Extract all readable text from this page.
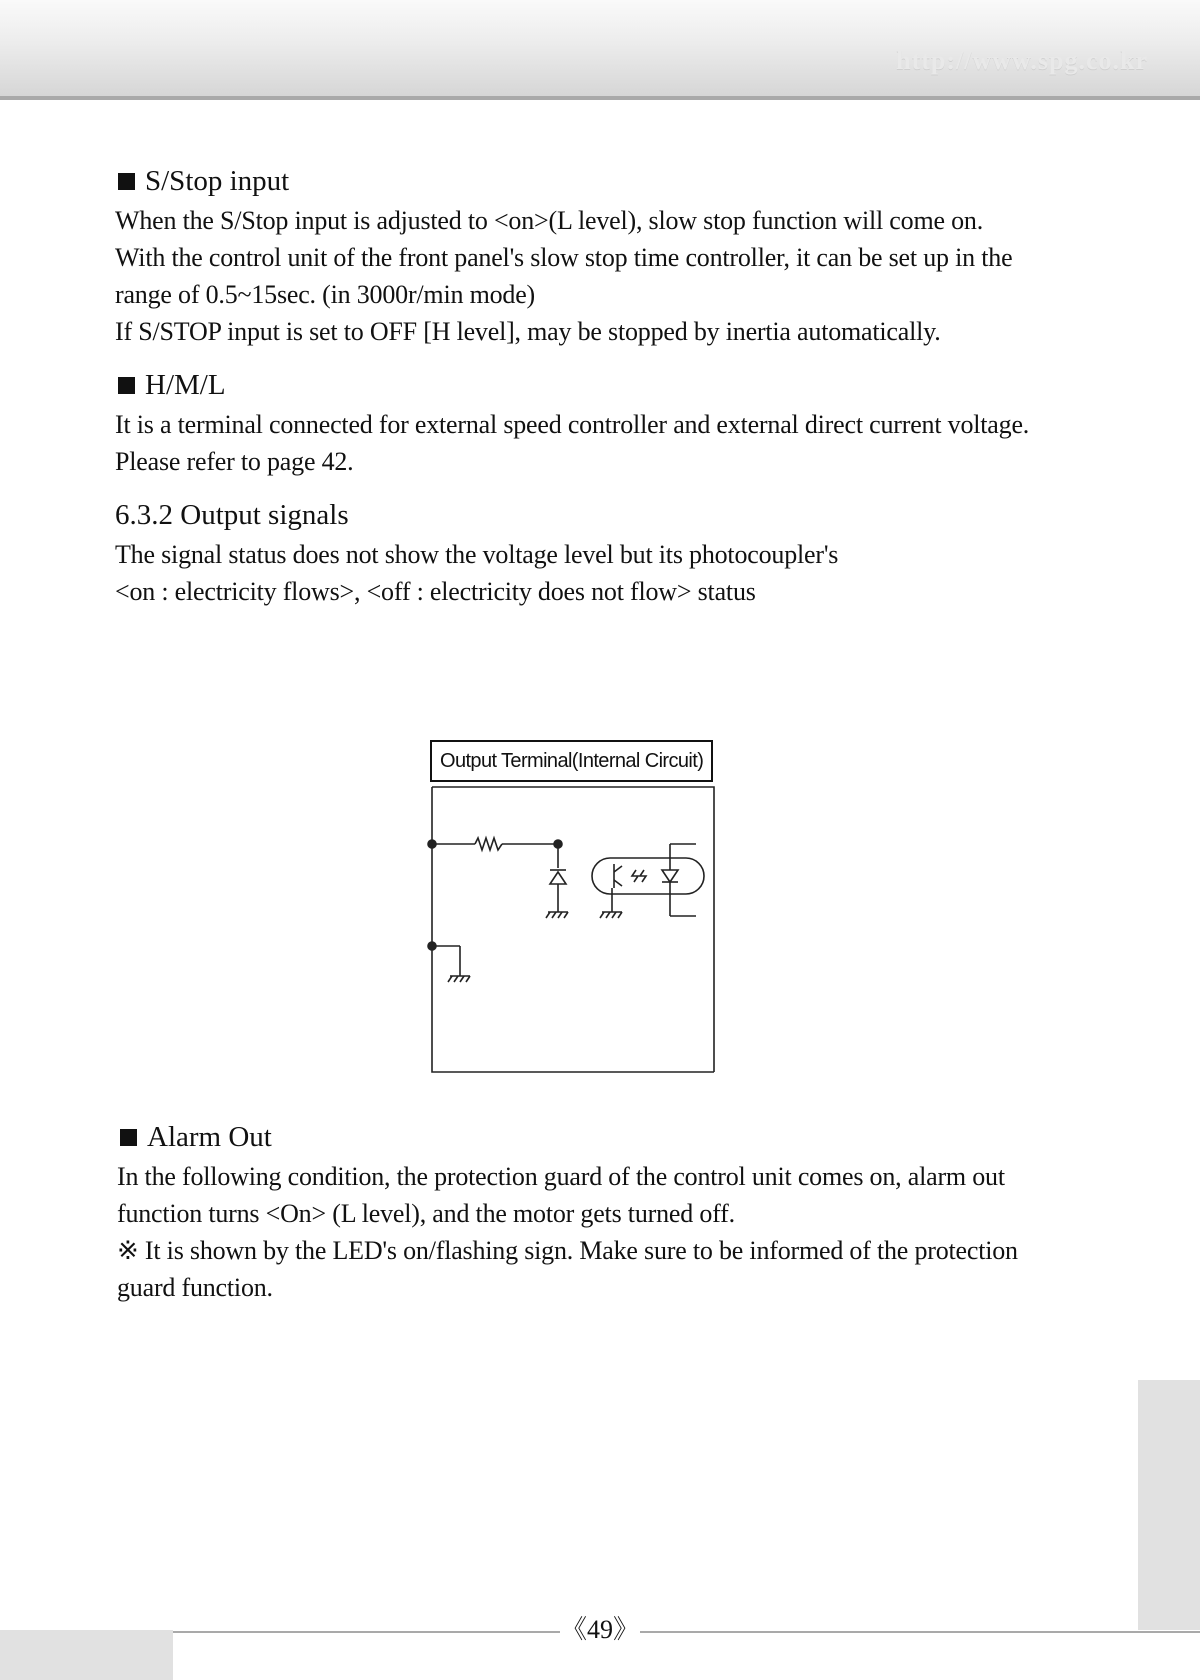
http://www.spg.co.kr
S/Stop input

When the S/Stop input is adjusted to <on>(L level), slow stop function will come on.

With the control unit of the front panel's slow stop time controller, it can be set up in the

range of 0.5~15sec. (in 3000r/min mode)

If S/STOP input is set to OFF [H level], may be stopped by inertia automatically.

H/M/L

It is a terminal connected for external speed controller and external direct current voltage.

Please refer to page 42.

6.3.2 Output signals

The signal status does not show the voltage level but its photocoupler's

<on : electricity flows>, <off : electricity does not flow> status

Output Terminal(Internal Circuit)
Alarm Out

In the following condition, the protection guard of the control unit comes on, alarm out

function turns <On> (L level), and the motor gets turned off.

※ It is shown by the LED's on/flashing sign. Make sure to be informed of the protection

guard function.

《49》
